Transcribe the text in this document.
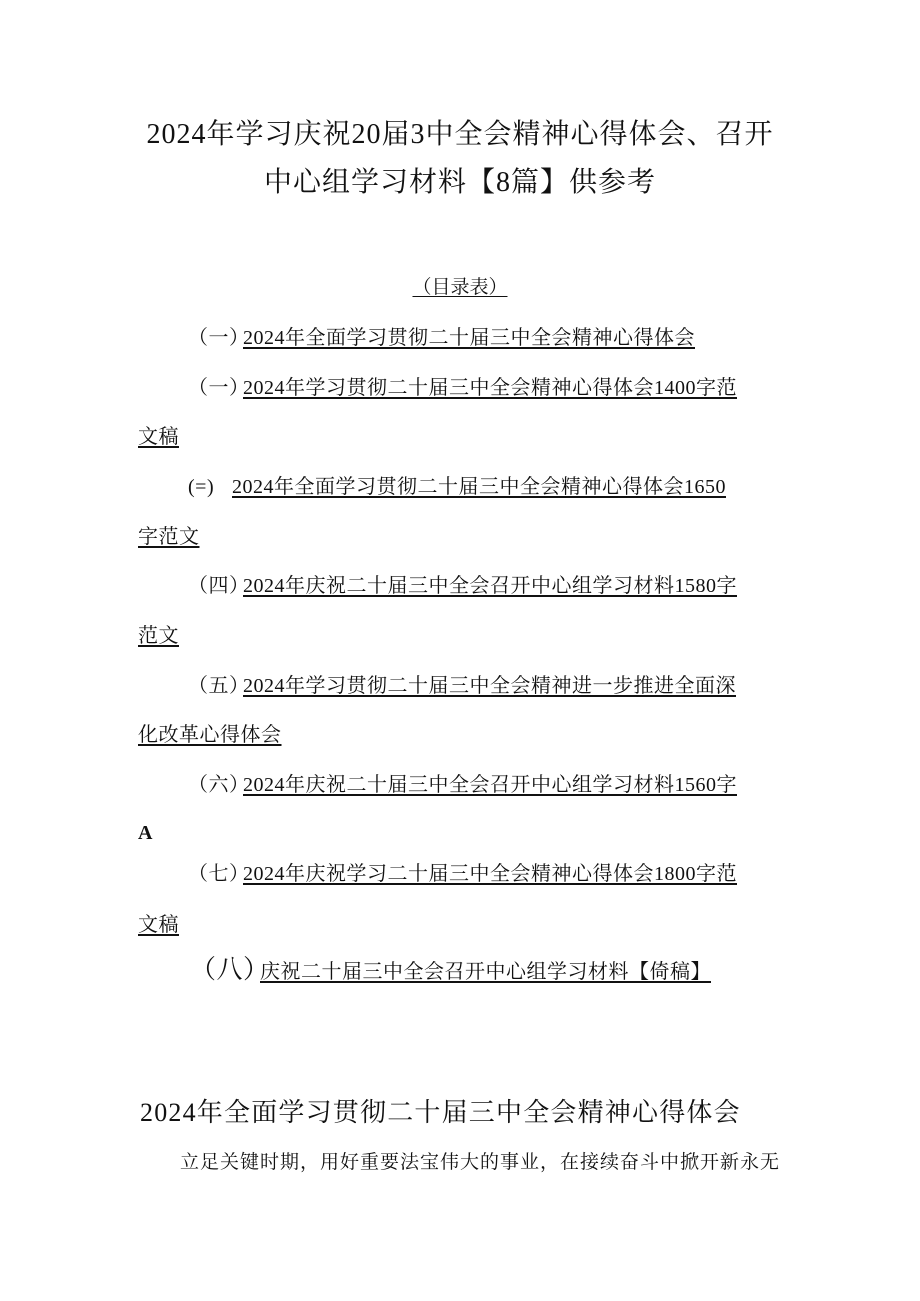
2024年学习庆祝20届3中全会精神心得体会、召开
中心组学习材料【8篇】供参考
（目录表）
（一）
2024年全面学习贯彻二十届三中全会精神心得体会
（一）
2024年学习贯彻二十届三中全会精神心得体会1400字范
文稿
(=) 2024年全面学习贯彻二十届三中全会精神心得体会1650
字范文
（四）
2024年庆祝二十届三中全会召开中心组学习材料1580字
范文
（五）
2024年学习贯彻二十届三中全会精神进一步推进全面深
化改革心得体会
（六）
2024年庆祝二十届三中全会召开中心组学习材料1560字
A
（七）
2024年庆祝学习二十届三中全会精神心得体会1800字范
文稿
（八）
庆祝二十届三中全会召开中心组学习材料【倚稿】
2024年全面学习贯彻二十届三中全会精神心得体会
立足关键时期，用好重要法宝伟大的事业，在接续奋斗中掀开新永无
